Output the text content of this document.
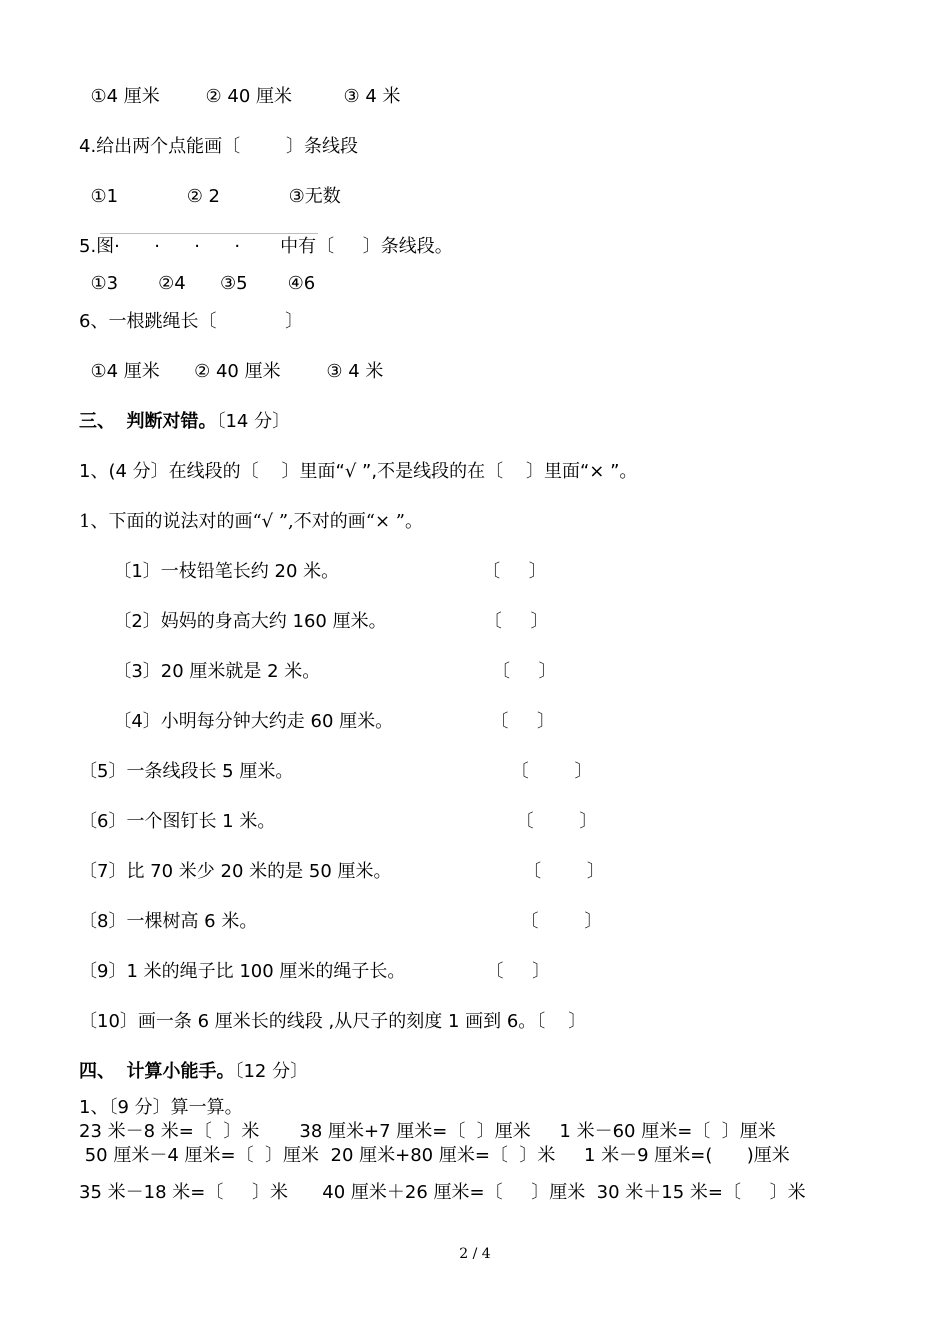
①4 厘米        ② 40 厘米         ③ 4 米
4.给出两个点能画〔        〕条线段
①1            ② 2            ③无数
5.图·      ·      ·      ·       中有〔     〕条线段。
①3       ②4      ③5       ④6
6、一根跳绳长〔            〕
①4 厘米      ② 40 厘米        ③ 4 米
三、 判断对错。〔14 分〕
1、(4 分〕在线段的〔    〕里面“√ ”,不是线段的在〔    〕里面“× ”。
1、下面的说法对的画“√ ”,不对的画“× ”。
〔1〕一枝铅笔长约 20 米。                         〔     〕
〔2〕妈妈的身高大约 160 厘米。                 〔     〕
〔3〕20 厘米就是 2 米。                              〔     〕
〔4〕小明每分钟大约走 60 厘米。                 〔     〕
〔5〕一条线段长 5 厘米。                                      〔        〕
〔6〕一个图钉长 1 米。                                          〔        〕
〔7〕比 70 米少 20 米的是 50 厘米。                       〔        〕
〔8〕一棵树高 6 米。                                              〔        〕
〔9〕1 米的绳子比 100 厘米的绳子长。              〔     〕
〔10〕画一条 6 厘米长的线段 ,从尺子的刻度 1 画到 6。〔    〕
四、 计算小能手。〔12 分〕
1、〔9 分〕算一算。
23 米－8 米=〔  〕米       38 厘米+7 厘米=〔  〕厘米     1 米－60 厘米=〔  〕厘米
50 厘米－4 厘米=〔  〕厘米  20 厘米+80 厘米=〔  〕米     1 米－9 厘米=(      )厘米
35 米－18 米=〔     〕米      40 厘米＋26 厘米=〔     〕厘米  30 米＋15 米=〔     〕米
2 / 4
